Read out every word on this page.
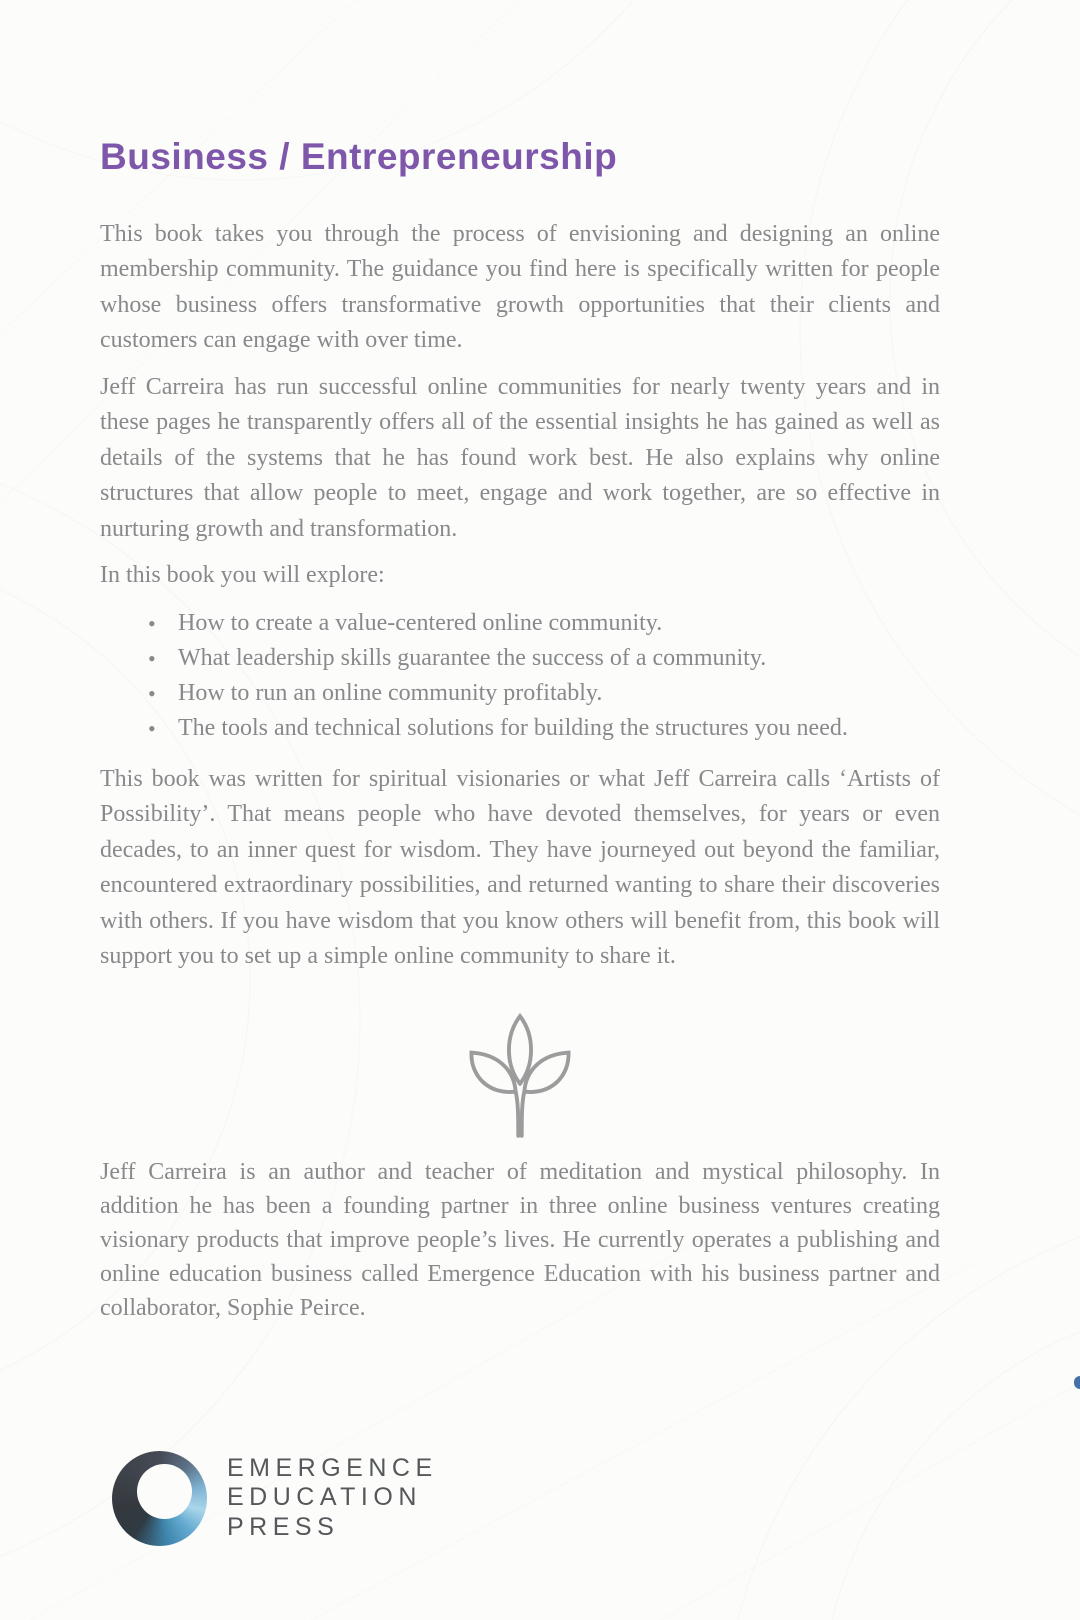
Business / Entrepreneurship

This book takes you through the process of envisioning and designing an online membership community. The guidance you find here is specifically written for people whose business offers transformative growth opportunities that their clients and customers can engage with over time.

Jeff Carreira has run successful online communities for nearly twenty years and in these pages he transparently offers all of the essential insights he has gained as well as details of the systems that he has found work best. He also explains why online structures that allow people to meet, engage and work together, are so effective in nurturing growth and transformation.

In this book you will explore:

• How to create a value-centered online community.
• What leadership skills guarantee the success of a community.
• How to run an online community profitably.
• The tools and technical solutions for building the structures you need.

This book was written for spiritual visionaries or what Jeff Carreira calls ‘Artists of Possibility’. That means people who have devoted themselves, for years or even decades, to an inner quest for wisdom. They have journeyed out beyond the familiar, encountered extraordinary possibilities, and returned wanting to share their discoveries with others. If you have wisdom that you know others will benefit from, this book will support you to set up a simple online community to share it.

Jeff Carreira is an author and teacher of meditation and mystical philosophy. In addition he has been a founding partner in three online business ventures creating visionary products that improve people’s lives. He currently operates a publishing and online education business called Emergence Education with his business partner and collaborator, Sophie Peirce.

EMERGENCE
EDUCATION
PRESS
